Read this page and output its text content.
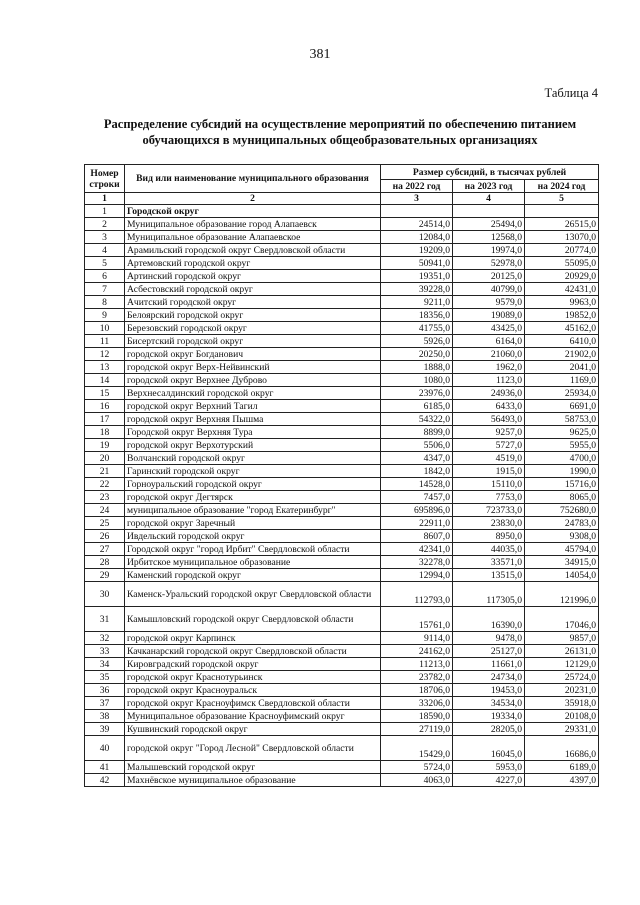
381
Таблица 4
Распределение субсидий на осуществление мероприятий по обеспечению питанием
обучающихся в муниципальных общеобразовательных организациях
Номер строки	Вид или наименование муниципального образования	Размер субсидий, в тысячах рублей		
		на 2022 год	на 2023 год	на 2024 год
1	2	3	4	5
1	Городской округ			
2	Муниципальное образование город Алапаевск	24514,0	25494,0	26515,0
3	Муниципальное образование Алапаевское	12084,0	12568,0	13070,0
4	Арамильский городской округ Свердловской области	19209,0	19974,0	20774,0
5	Артемовский городской округ	50941,0	52978,0	55095,0
6	Артинский городской округ	19351,0	20125,0	20929,0
7	Асбестовский городской округ	39228,0	40799,0	42431,0
8	Ачитский городской округ	9211,0	9579,0	9963,0
9	Белоярский городской округ	18356,0	19089,0	19852,0
10	Березовский городской округ	41755,0	43425,0	45162,0
11	Бисертский городской округ	5926,0	6164,0	6410,0
12	городской округ Богданович	20250,0	21060,0	21902,0
13	городской округ Верх-Нейвинский	1888,0	1962,0	2041,0
14	городской округ Верхнее Дуброво	1080,0	1123,0	1169,0
15	Верхнесалдинский городской округ	23976,0	24936,0	25934,0
16	городской округ Верхний Тагил	6185,0	6433,0	6691,0
17	городской округ Верхняя Пышма	54322,0	56493,0	58753,0
18	Городской округ Верхняя Тура	8899,0	9257,0	9625,0
19	городской округ Верхотурский	5506,0	5727,0	5955,0
20	Волчанский городской округ	4347,0	4519,0	4700,0
21	Гаринский городской округ	1842,0	1915,0	1990,0
22	Горноуральский городской округ	14528,0	15110,0	15716,0
23	городской округ Дегтярск	7457,0	7753,0	8065,0
24	муниципальное образование "город Екатеринбург"	695896,0	723733,0	752680,0
25	городской округ Заречный	22911,0	23830,0	24783,0
26	Ивдельский городской округ	8607,0	8950,0	9308,0
27	Городской округ "город Ирбит" Свердловской области	42341,0	44035,0	45794,0
28	Ирбитское муниципальное образование	32278,0	33571,0	34915,0
29	Каменский городской округ	12994,0	13515,0	14054,0
30	Каменск-Уральский городской округ Свердловской области	112793,0	117305,0	121996,0
31	Камышловский городской округ Свердловской области	15761,0	16390,0	17046,0
32	городской округ Карпинск	9114,0	9478,0	9857,0
33	Качканарский городской округ Свердловской области	24162,0	25127,0	26131,0
34	Кировградский городской округ	11213,0	11661,0	12129,0
35	городской округ Краснотурьинск	23782,0	24734,0	25724,0
36	городской округ Красноуральск	18706,0	19453,0	20231,0
37	городской округ Красноуфимск Свердловской области	33206,0	34534,0	35918,0
38	Муниципальное образование Красноуфимский округ	18590,0	19334,0	20108,0
39	Кушвинский городской округ	27119,0	28205,0	29331,0
40	городской округ "Город Лесной" Свердловской области	15429,0	16045,0	16686,0
41	Малышевский городской округ	5724,0	5953,0	6189,0
42	Махнёвское муниципальное образование	4063,0	4227,0	4397,0
